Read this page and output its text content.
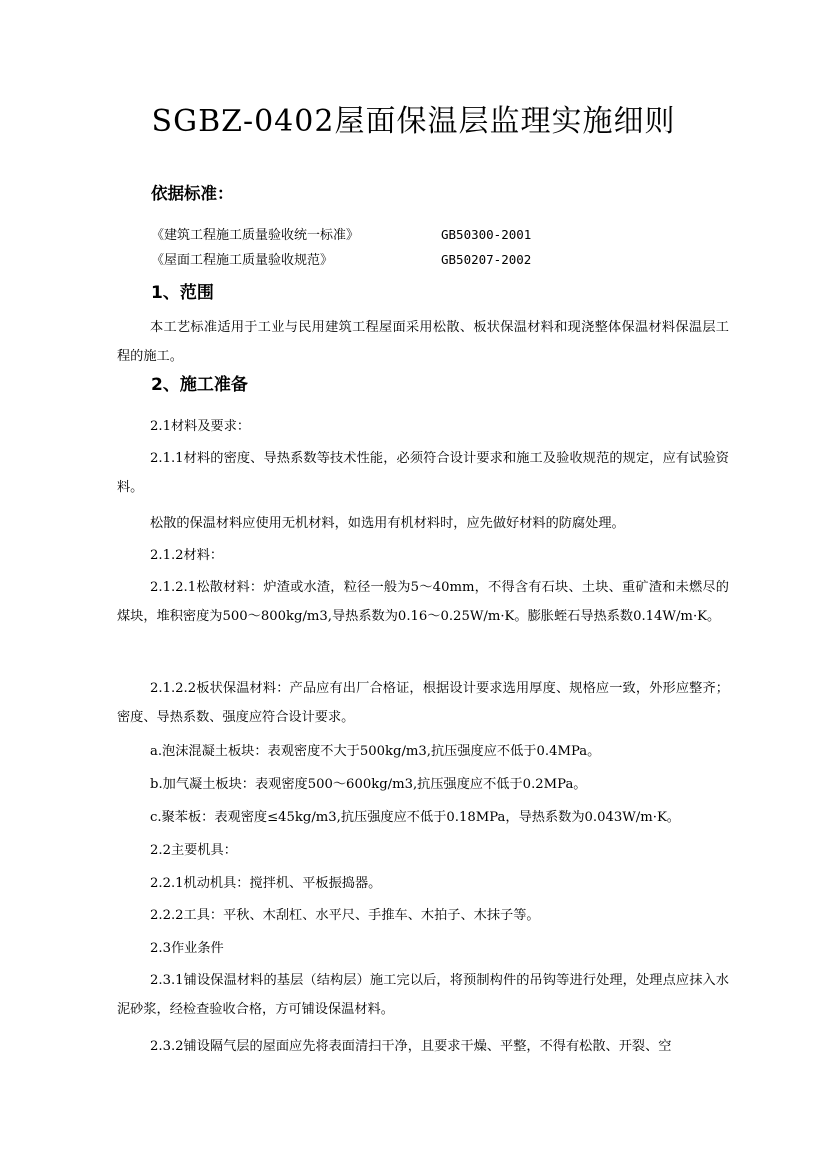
SGBZ-0402屋面保温层监理实施细则
依据标准：
《建筑工程施工质量验收统一标准》	GB50300-2001
《屋面工程施工质量验收规范》	GB50207-2002
1、范围

本工艺标准适用于工业与民用建筑工程屋面采用松散、板状保温材料和现浇整体保温材料保温层工程的施工。

2、施工准备

2.1材料及要求：

2.1.1材料的密度、导热系数等技术性能，必须符合设计要求和施工及验收规范的规定，应有试验资料。

松散的保温材料应使用无机材料，如选用有机材料时，应先做好材料的防腐处理。

2.1.2材料：

2.1.2.1松散材料：炉渣或水渣，粒径一般为5～40mm，不得含有石块、土块、重矿渣和未燃尽的煤块，堆积密度为500～800kg/m3,导热系数为0.16～0.25W/m·K。膨胀蛭石导热系数0.14W/m·K。

2.1.2.2板状保温材料：产品应有出厂合格证，根据设计要求选用厚度、规格应一致，外形应整齐；密度、导热系数、强度应符合设计要求。

a.泡沫混凝土板块：表观密度不大于500kg/m3,抗压强度应不低于0.4MPa。

b.加气凝土板块：表观密度500～600kg/m3,抗压强度应不低于0.2MPa。

c.聚苯板：表观密度≤45kg/m3,抗压强度应不低于0.18MPa，导热系数为0.043W/m·K。

2.2主要机具：

2.2.1机动机具：搅拌机、平板振捣器。

2.2.2工具：平秋、木刮杠、水平尺、手推车、木拍子、木抹子等。

2.3作业条件

2.3.1铺设保温材料的基层（结构层）施工完以后，将预制构件的吊钩等进行处理，处理点应抹入水泥砂浆，经检查验收合格，方可铺设保温材料。

2.3.2铺设隔气层的屋面应先将表面清扫干净，且要求干燥、平整，不得有松散、开裂、空
